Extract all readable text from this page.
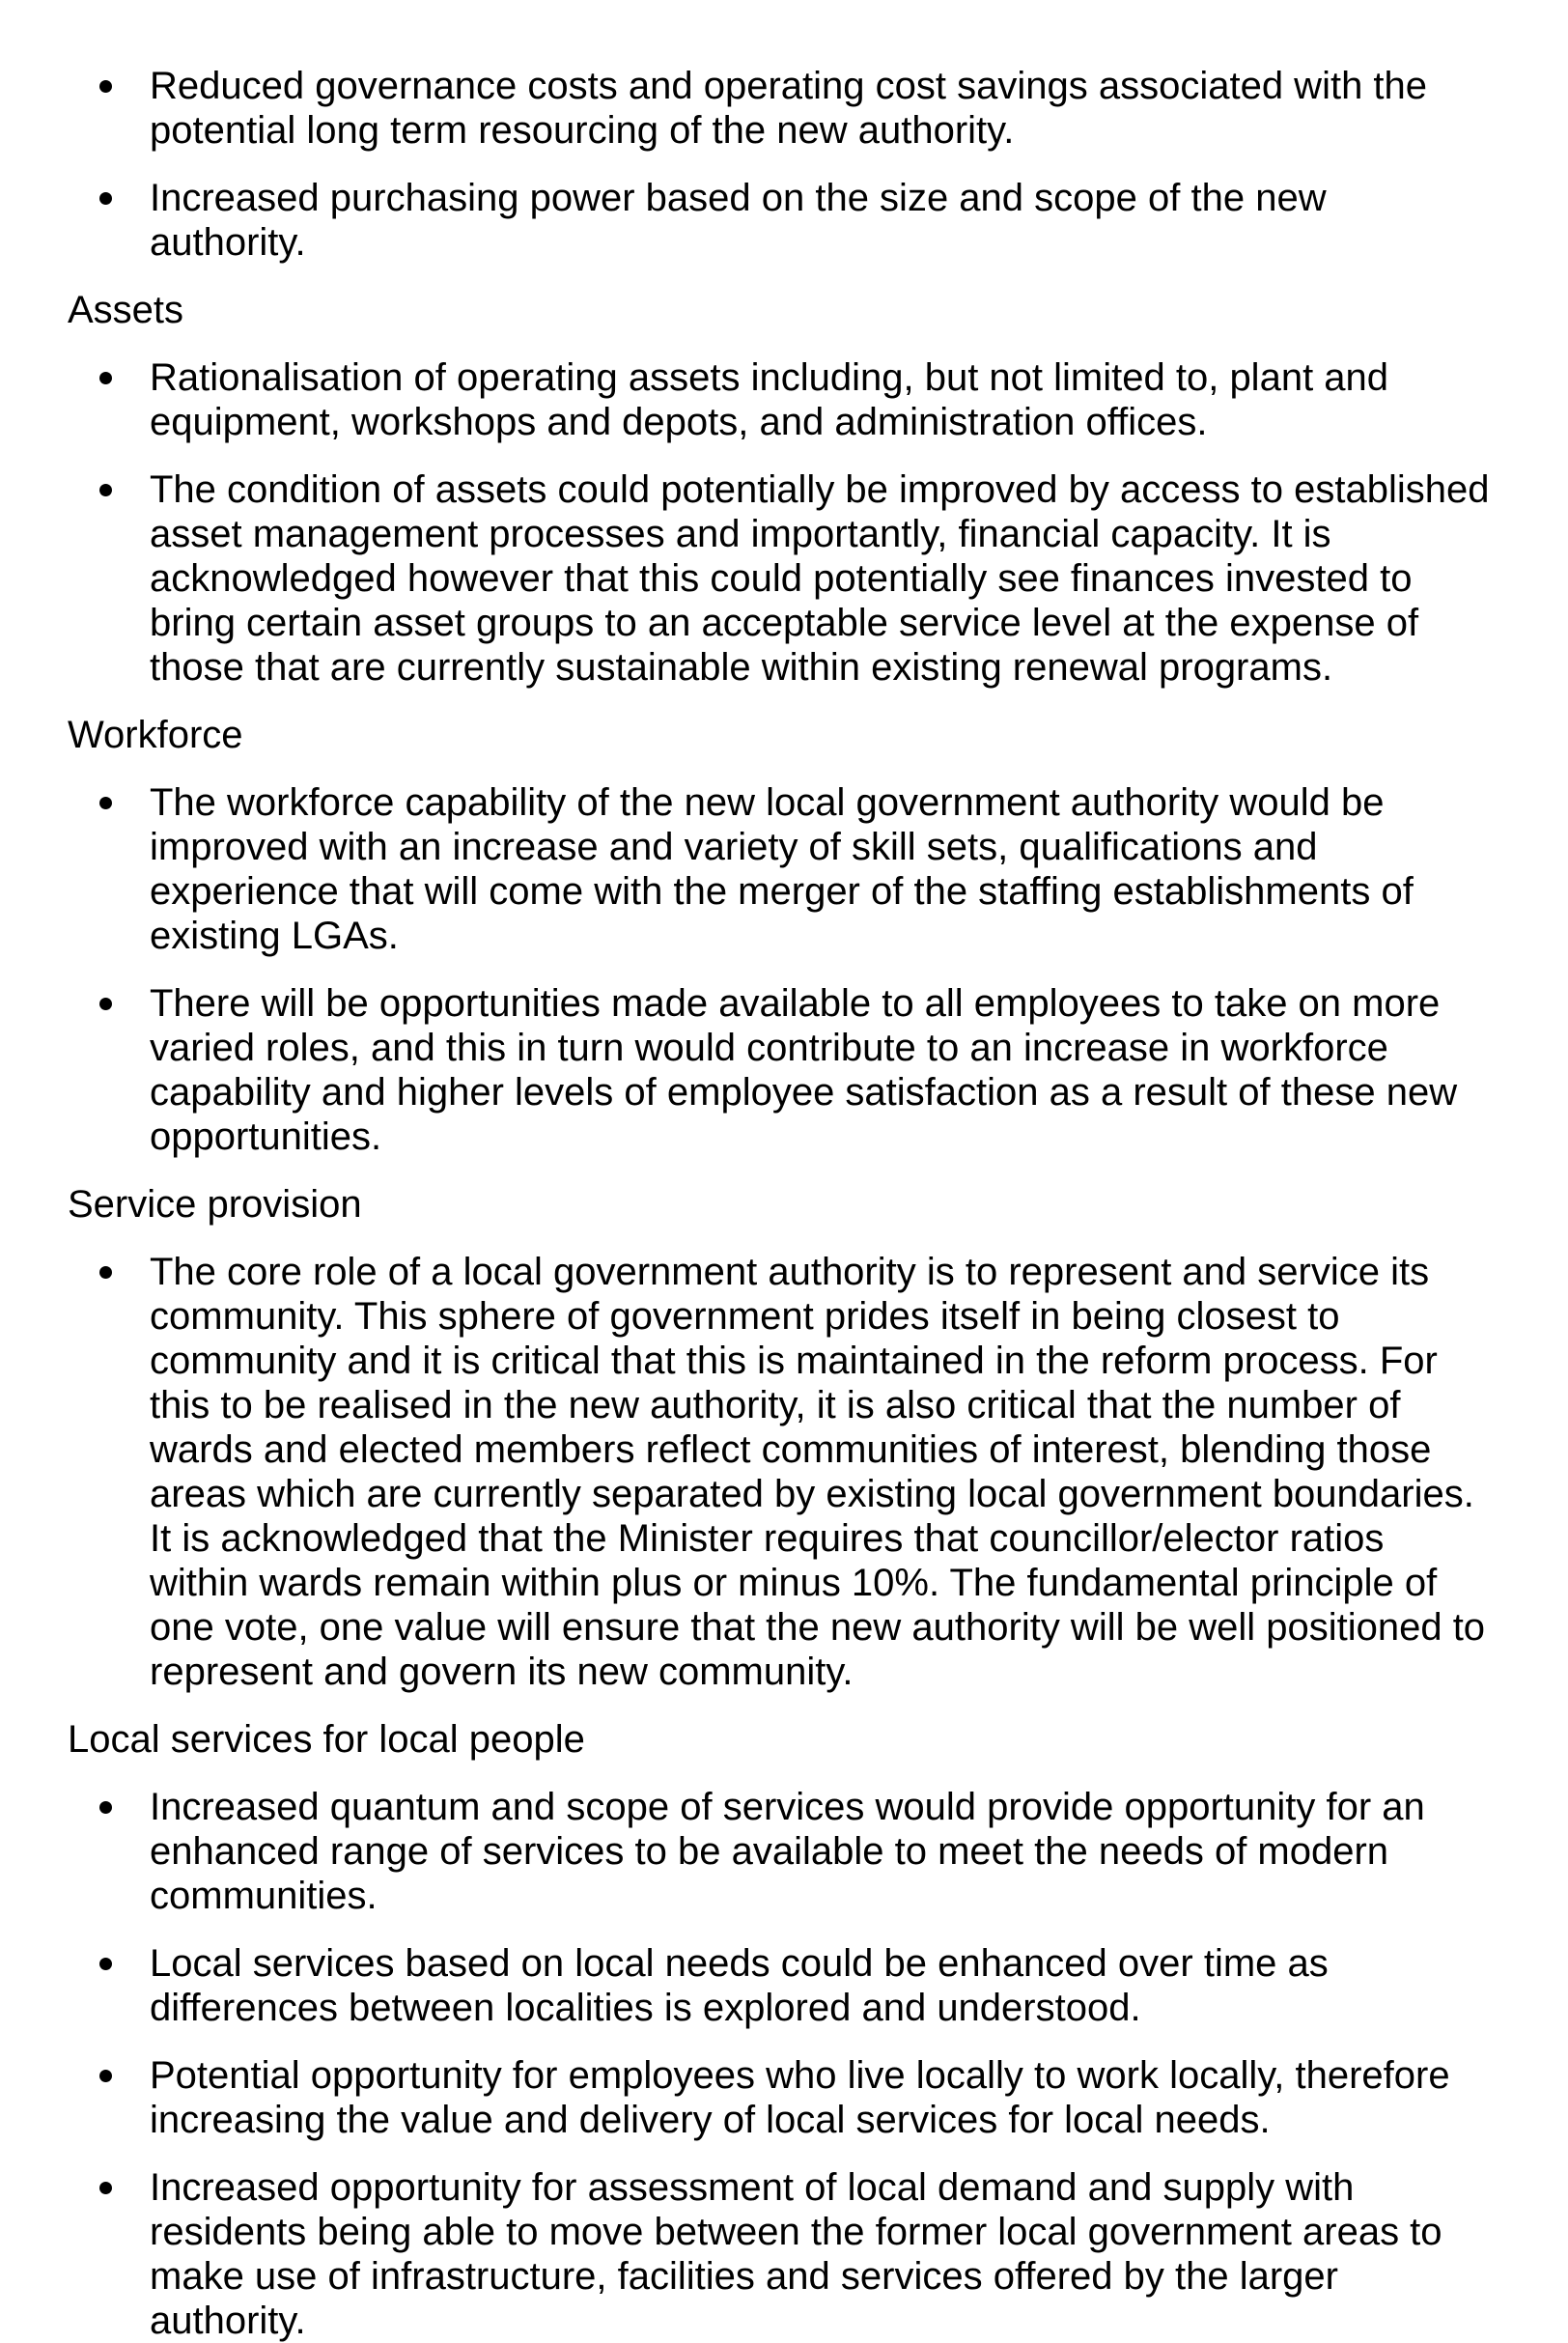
Reduced governance costs and operating cost savings associated with the potential long term resourcing of the new authority.

Increased purchasing power based on the size and scope of the new authority.

Assets

Rationalisation of operating assets including, but not limited to, plant and equipment, workshops and depots, and administration offices.

The condition of assets could potentially be improved by access to established asset management processes and importantly, financial capacity. It is acknowledged however that this could potentially see finances invested to bring certain asset groups to an acceptable service level at the expense of those that are currently sustainable within existing renewal programs.

Workforce

The workforce capability of the new local government authority would be improved with an increase and variety of skill sets, qualifications and experience that will come with the merger of the staffing establishments of existing LGAs.

There will be opportunities made available to all employees to take on more varied roles, and this in turn would contribute to an increase in workforce capability and higher levels of employee satisfaction as a result of these new opportunities.

Service provision

The core role of a local government authority is to represent and service its community. This sphere of government prides itself in being closest to community and it is critical that this is maintained in the reform process. For this to be realised in the new authority, it is also critical that the number of wards and elected members reflect communities of interest, blending those areas which are currently separated by existing local government boundaries. It is acknowledged that the Minister requires that councillor/elector ratios within wards remain within plus or minus 10%. The fundamental principle of one vote, one value will ensure that the new authority will be well positioned to represent and govern its new community.

Local services for local people

Increased quantum and scope of services would provide opportunity for an enhanced range of services to be available to meet the needs of modern communities.

Local services based on local needs could be enhanced over time as differences between localities is explored and understood.

Potential opportunity for employees who live locally to work locally, therefore increasing the value and delivery of local services for local needs.

Increased opportunity for assessment of local demand and supply with residents being able to move between the former local government areas to make use of infrastructure, facilities and services offered by the larger authority.
